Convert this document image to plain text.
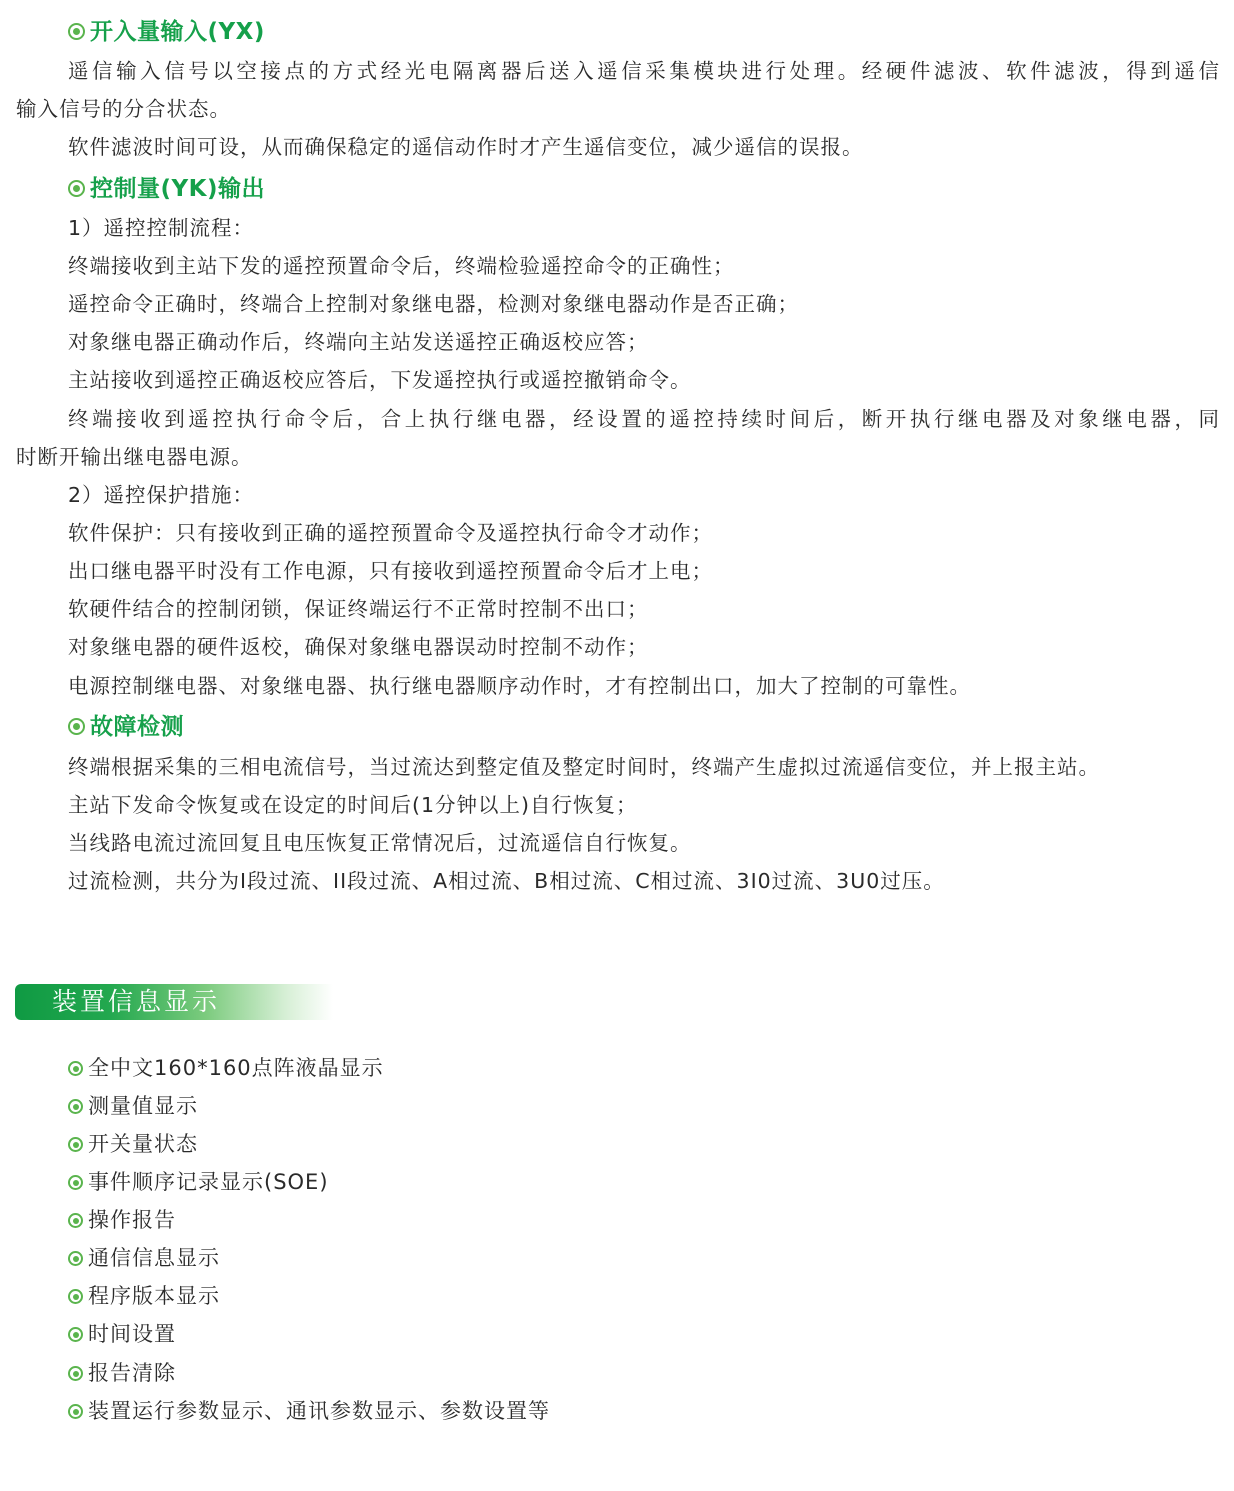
开入量输入(YX)
遥信输入信号以空接点的方式经光电隔离器后送入遥信采集模块进行处理。经硬件滤波、软件滤波，得到遥信
输入信号的分合状态。
软件滤波时间可设，从而确保稳定的遥信动作时才产生遥信变位，减少遥信的误报。
控制量(YK)输出
1）遥控控制流程：
终端接收到主站下发的遥控预置命令后，终端检验遥控命令的正确性；
遥控命令正确时，终端合上控制对象继电器，检测对象继电器动作是否正确；
对象继电器正确动作后，终端向主站发送遥控正确返校应答；
主站接收到遥控正确返校应答后，下发遥控执行或遥控撤销命令。
终端接收到遥控执行命令后，合上执行继电器，经设置的遥控持续时间后，断开执行继电器及对象继电器，同
时断开输出继电器电源。
2）遥控保护措施：
软件保护：只有接收到正确的遥控预置命令及遥控执行命令才动作；
出口继电器平时没有工作电源，只有接收到遥控预置命令后才上电；
软硬件结合的控制闭锁，保证终端运行不正常时控制不出口；
对象继电器的硬件返校，确保对象继电器误动时控制不动作；
电源控制继电器、对象继电器、执行继电器顺序动作时，才有控制出口，加大了控制的可靠性。
故障检测
终端根据采集的三相电流信号，当过流达到整定值及整定时间时，终端产生虚拟过流遥信变位，并上报主站。
主站下发命令恢复或在设定的时间后(1分钟以上)自行恢复；
当线路电流过流回复且电压恢复正常情况后，过流遥信自行恢复。
过流检测，共分为I段过流、II段过流、A相过流、B相过流、C相过流、3I0过流、3U0过压。
装置信息显示
全中文160*160点阵液晶显示
测量值显示
开关量状态
事件顺序记录显示(SOE)
操作报告
通信信息显示
程序版本显示
时间设置
报告清除
装置运行参数显示、通讯参数显示、参数设置等
